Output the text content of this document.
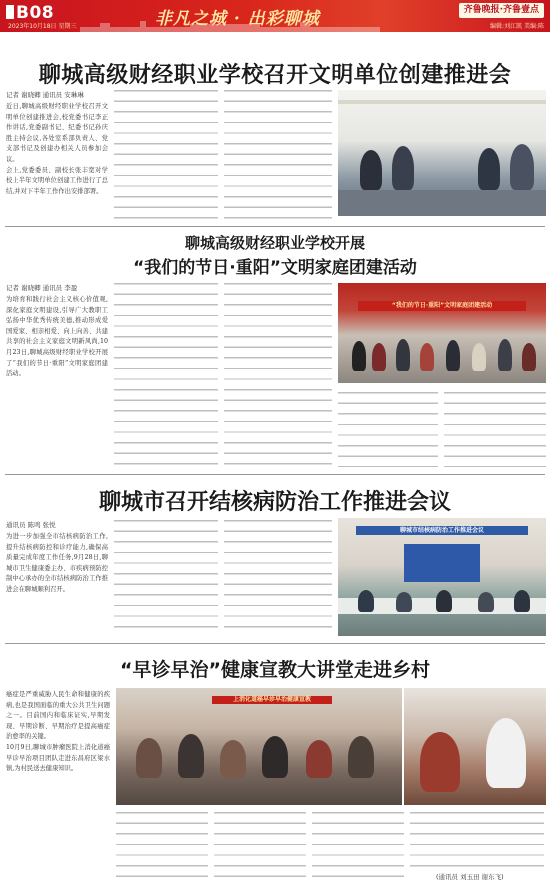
B08
2023年10月18日 星期三	非凡之城 · 出彩聊城	齐鲁晚报·齐鲁壹点
编辑:刘江凯 美编:陈
聊城高级财经职业学校召开文明单位创建推进会
记者 谢晓卿 通讯员 安琳琳
近日,聊城高级财经职业学校召开文明单位创建推进会,校党委书记李正作讲话,党委副书记、纪委书记孙庆胜主持会议,各处室系部负责人、党支部书记及创建办相关人员参加会议。
会上,党委委员、副校长张丰宽对学校上半年文明单位创建工作进行了总结,并对下半年工作作出安排部署。
聊城高级财经职业学校开展
“我们的节日·重阳”文明家庭团建活动
记者 谢晓卿 通讯员 李盈
为培育和践行社会主义核心价值观,深化家庭文明建设,引导广大教职工弘扬中华优秀传统美德,推动形成爱国爱家、相亲相爱、向上向善、共建共享的社会主义家庭文明新风尚,10月23日,聊城高级财经职业学校开展了“我们的节日·重阳”文明家庭团建活动。
“我们的节日·重阳”文明家庭团建活动
聊城市召开结核病防治工作推进会议
通讯员 陈鸣 张悦
为进一步加强全市结核病防治工作,提升结核病防控和诊疗能力,确保高质量完成年度工作任务,9月28日,聊城市卫生健康委主办、市疾病预防控制中心承办的全市结核病防治工作推进会在聊城顺利召开。
聊城市结核病防治工作推进会议
“早诊早治”健康宣教大讲堂走进乡村
癌症是严重威胁人民生命和健康的疾病,也是我国面临的重大公共卫生问题之一。目前国内和临床证实,早期发现、早期诊断、早期治疗是提高癌症治愈率的关键。
10月9日,聊城市肿瘤医院上消化道癌早诊早治项目团队走进东昌府区梁水镇,为村民送去健康知识。
上消化道癌早诊早治健康宣教
(通讯员 刘玉田 谢东飞)
